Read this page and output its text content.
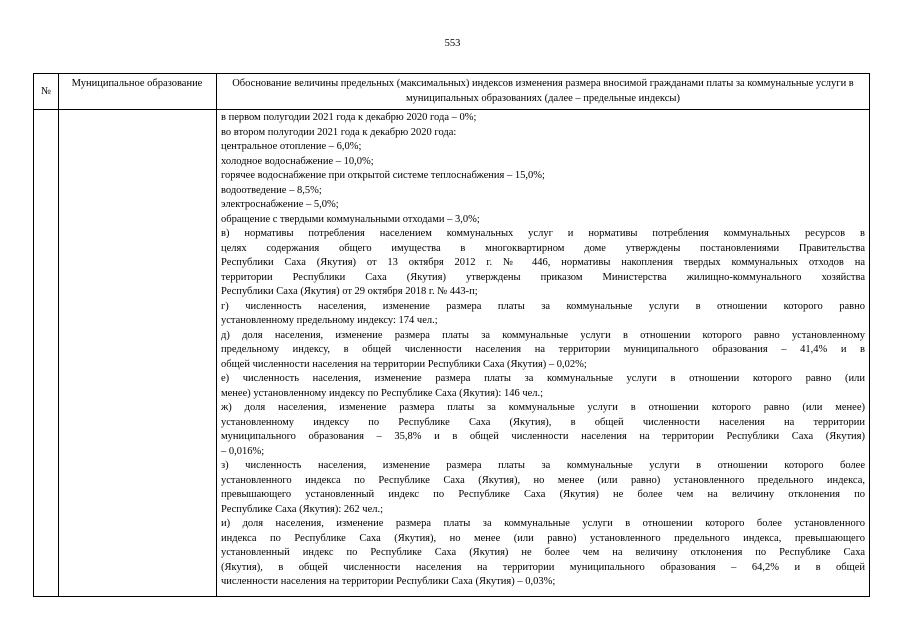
553
№
Муниципальное образование	Обоснование величины предельных (максимальных) индексов изменения размера вносимой гражданами платы за коммунальные услуги в муниципальных образованиях (далее – предельные индексы)
в первом полугодии 2021 года к декабрю 2020 года – 0%;
во втором полугодии 2021 года к декабрю 2020 года:
центральное отопление – 6,0%;
холодное водоснабжение – 10,0%;
горячее водоснабжение при открытой системе теплоснабжения – 15,0%;
водоотведение – 8,5%;
электроснабжение – 5,0%;
обращение с твердыми коммунальными отходами – 3,0%;
в) нормативы потребления населением коммунальных услуг и нормативы потребления коммунальных ресурсов в
целях содержания общего имущества в многоквартирном доме утверждены постановлениями Правительства
Республики Саха (Якутия) от 13 октября 2012 г. № 446, нормативы накопления твердых коммунальных отходов на
территории Республики Саха (Якутия) утверждены приказом Министерства жилищно-коммунального хозяйства
Республики Саха (Якутия) от 29 октября 2018 г. № 443-п;
г) численность населения, изменение размера платы за коммунальные услуги в отношении которого равно
установленному предельному индексу: 174 чел.;
д) доля населения, изменение размера платы за коммунальные услуги в отношении которого равно установленному
предельному индексу, в общей численности населения на территории муниципального образования – 41,4% и в
общей численности населения на территории Республики Саха (Якутия) – 0,02%;
е) численность населения, изменение размера платы за коммунальные услуги в отношении которого равно (или
менее) установленному индексу по Республике Саха (Якутия): 146 чел.;
ж) доля населения, изменение размера платы за коммунальные услуги в отношении которого равно (или менее)
установленному индексу по Республике Саха (Якутия), в общей численности населения на территории
муниципального образования – 35,8% и в общей численности населения на территории Республики Саха (Якутия)
– 0,016%;
з) численность населения, изменение размера платы за коммунальные услуги в отношении которого более
установленного индекса по Республике Саха (Якутия), но менее (или равно) установленного предельного индекса,
превышающего установленный индекс по Республике Саха (Якутия) не более чем на величину отклонения по
Республике Саха (Якутия): 262 чел.;
и) доля населения, изменение размера платы за коммунальные услуги в отношении которого более установленного
индекса по Республике Саха (Якутия), но менее (или равно) установленного предельного индекса, превышающего
установленный индекс по Республике Саха (Якутия) не более чем на величину отклонения по Республике Саха
(Якутия), в общей численности населения на территории муниципального образования – 64,2% и в общей
численности населения на территории Республики Саха (Якутия) – 0,03%;
